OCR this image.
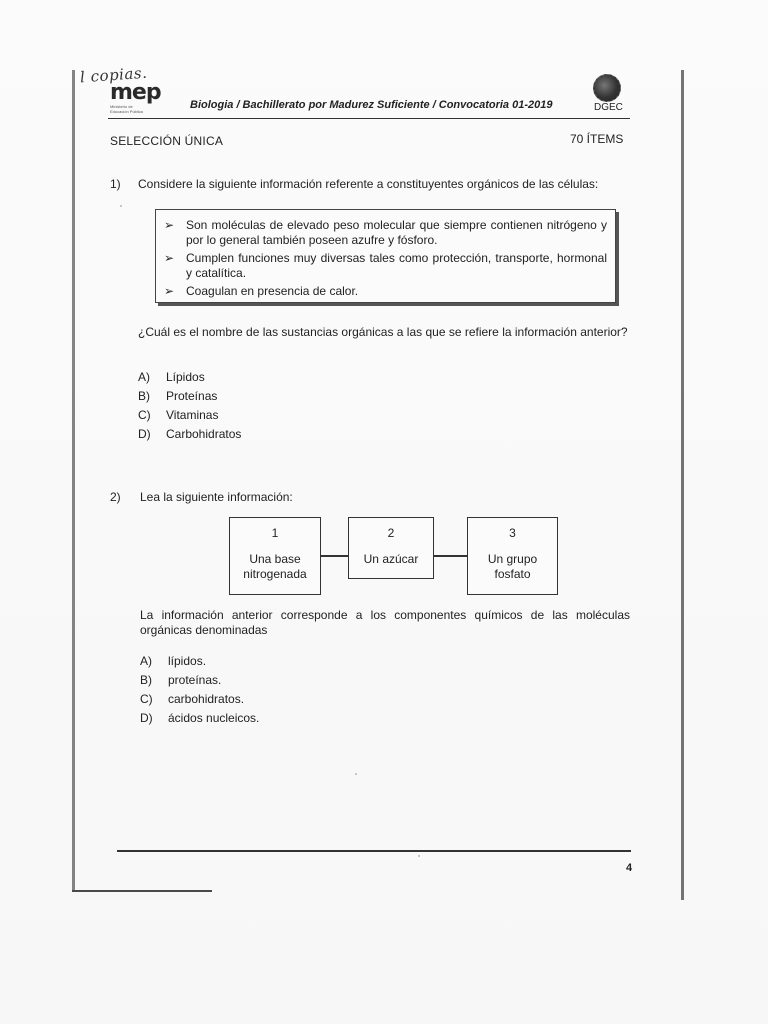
l copias.
mep
Ministerio de Educación Pública
Biologia / Bachillerato por Madurez Suficiente / Convocatoria 01-2019	DGEC
SELECCIÓN ÚNICA	70 ÍTEMS
1) Considere la siguiente información referente a constituyentes orgánicos de las células:
➢ Son moléculas de elevado peso molecular que siempre contienen nitrógeno y por lo general también poseen azufre y fósforo.
➢ Cumplen funciones muy diversas tales como protección, transporte, hormonal y catalítica.
➢ Coagulan en presencia de calor.
¿Cuál es el nombre de las sustancias orgánicas a las que se refiere la información anterior?
A) Lípidos
B) Proteínas
C) Vitaminas
D) Carbohidratos
2) Lea la siguiente información:
1
Una base nitrogenada
2
Un azúcar
3
Un grupo fosfato
La información anterior corresponde a los componentes químicos de las moléculas orgánicas denominadas
A) lípidos.
B) proteínas.
C) carbohidratos.
D) ácidos nucleicos.
4
